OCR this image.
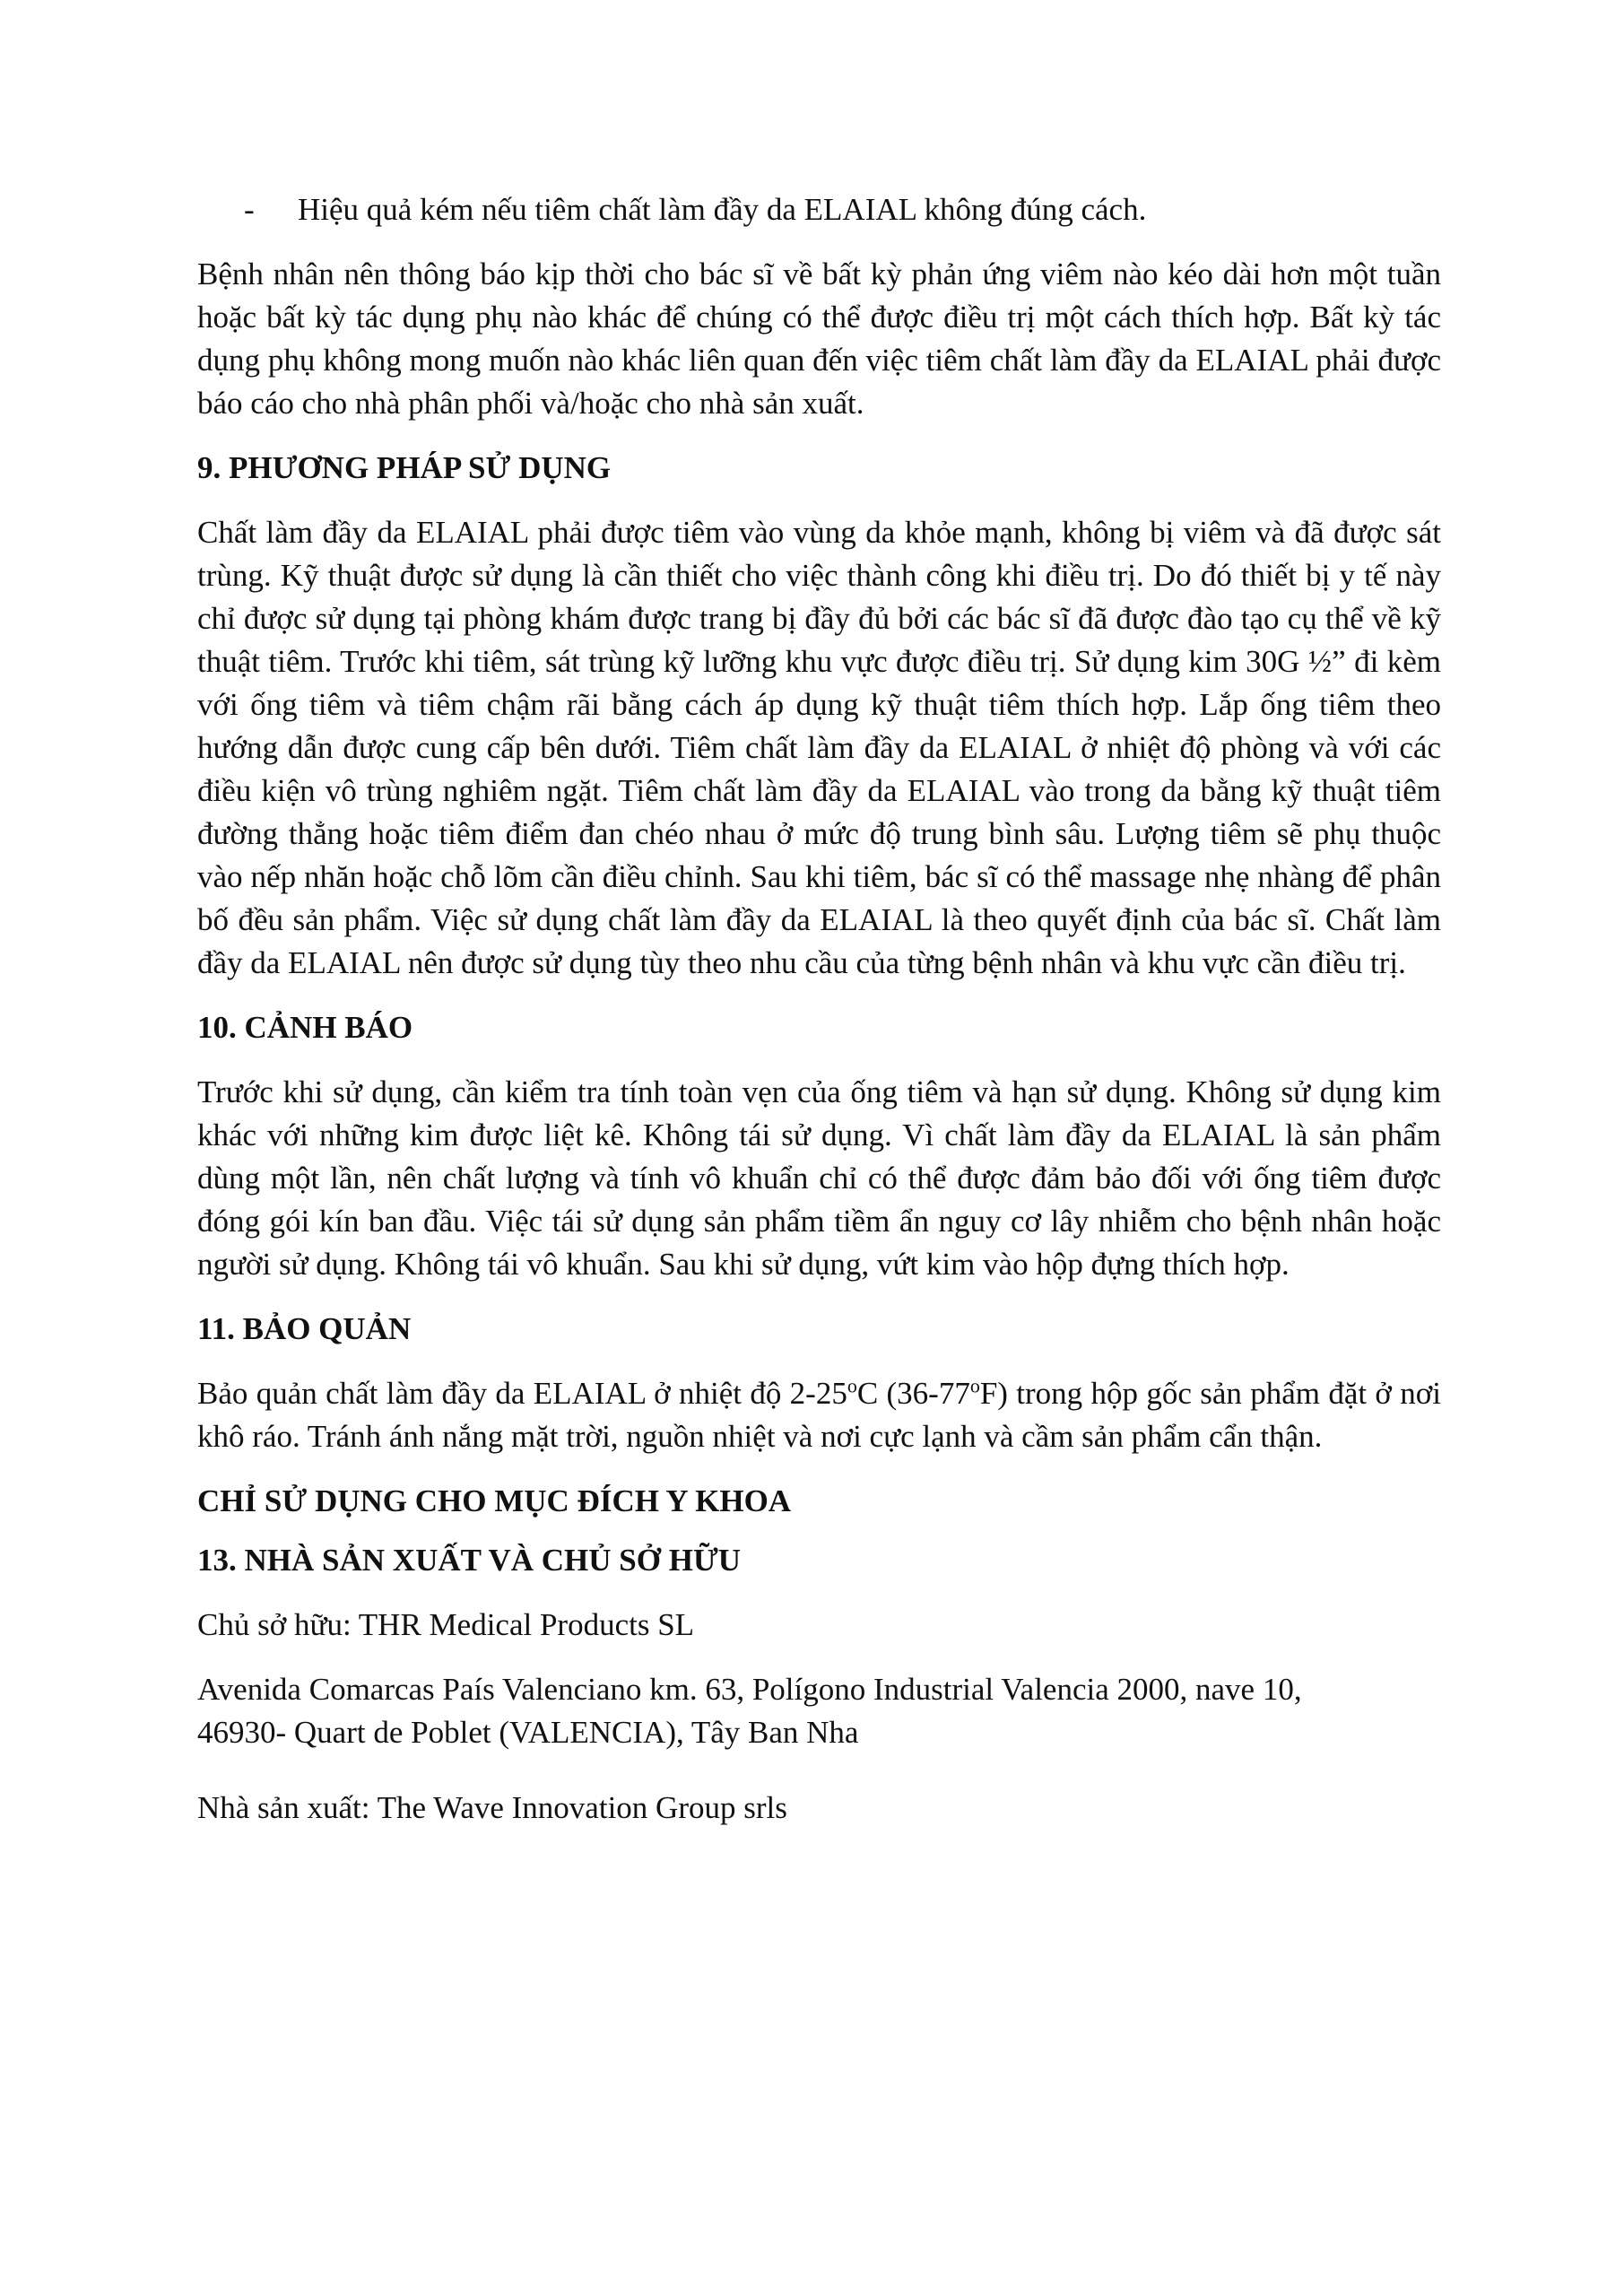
-	Hiệu quả kém nếu tiêm chất làm đầy da ELAIAL không đúng cách.

Bệnh nhân nên thông báo kịp thời cho bác sĩ về bất kỳ phản ứng viêm nào kéo dài hơn một tuần hoặc bất kỳ tác dụng phụ nào khác để chúng có thể được điều trị một cách thích hợp. Bất kỳ tác dụng phụ không mong muốn nào khác liên quan đến việc tiêm chất làm đầy da ELAIAL phải được báo cáo cho nhà phân phối và/hoặc cho nhà sản xuất.

9. PHƯƠNG PHÁP SỬ DỤNG

Chất làm đầy da ELAIAL phải được tiêm vào vùng da khỏe mạnh, không bị viêm và đã được sát trùng. Kỹ thuật được sử dụng là cần thiết cho việc thành công khi điều trị. Do đó thiết bị y tế này chỉ được sử dụng tại phòng khám được trang bị đầy đủ bởi các bác sĩ đã được đào tạo cụ thể về kỹ thuật tiêm. Trước khi tiêm, sát trùng kỹ lưỡng khu vực được điều trị. Sử dụng kim 30G ½” đi kèm với ống tiêm và tiêm chậm rãi bằng cách áp dụng kỹ thuật tiêm thích hợp. Lắp ống tiêm theo hướng dẫn được cung cấp bên dưới. Tiêm chất làm đầy da ELAIAL ở nhiệt độ phòng và với các điều kiện vô trùng nghiêm ngặt. Tiêm chất làm đầy da ELAIAL vào trong da bằng kỹ thuật tiêm đường thẳng hoặc tiêm điểm đan chéo nhau ở mức độ trung bình sâu. Lượng tiêm sẽ phụ thuộc vào nếp nhăn hoặc chỗ lõm cần điều chỉnh. Sau khi tiêm, bác sĩ có thể massage nhẹ nhàng để phân bố đều sản phẩm. Việc sử dụng chất làm đầy da ELAIAL là theo quyết định của bác sĩ. Chất làm đầy da ELAIAL nên được sử dụng tùy theo nhu cầu của từng bệnh nhân và khu vực cần điều trị.

10. CẢNH BÁO

Trước khi sử dụng, cần kiểm tra tính toàn vẹn của ống tiêm và hạn sử dụng. Không sử dụng kim khác với những kim được liệt kê. Không tái sử dụng. Vì chất làm đầy da ELAIAL là sản phẩm dùng một lần, nên chất lượng và tính vô khuẩn chỉ có thể được đảm bảo đối với ống tiêm được đóng gói kín ban đầu. Việc tái sử dụng sản phẩm tiềm ẩn nguy cơ lây nhiễm cho bệnh nhân hoặc người sử dụng. Không tái vô khuẩn. Sau khi sử dụng, vứt kim vào hộp đựng thích hợp.

11. BẢO QUẢN

Bảo quản chất làm đầy da ELAIAL ở nhiệt độ 2-25$^o$C (36-77$^o$F) trong hộp gốc sản phẩm đặt ở nơi khô ráo. Tránh ánh nắng mặt trời, nguồn nhiệt và nơi cực lạnh và cầm sản phẩm cẩn thận.

CHỈ SỬ DỤNG CHO MỤC ĐÍCH Y KHOA
13. NHÀ SẢN XUẤT VÀ CHỦ SỞ HỮU

Chủ sở hữu: THR Medical Products SL

Avenida Comarcas País Valenciano km. 63, Polígono Industrial Valencia 2000, nave 10,
46930- Quart de Poblet (VALENCIA), Tây Ban Nha

Nhà sản xuất: The Wave Innovation Group srls
